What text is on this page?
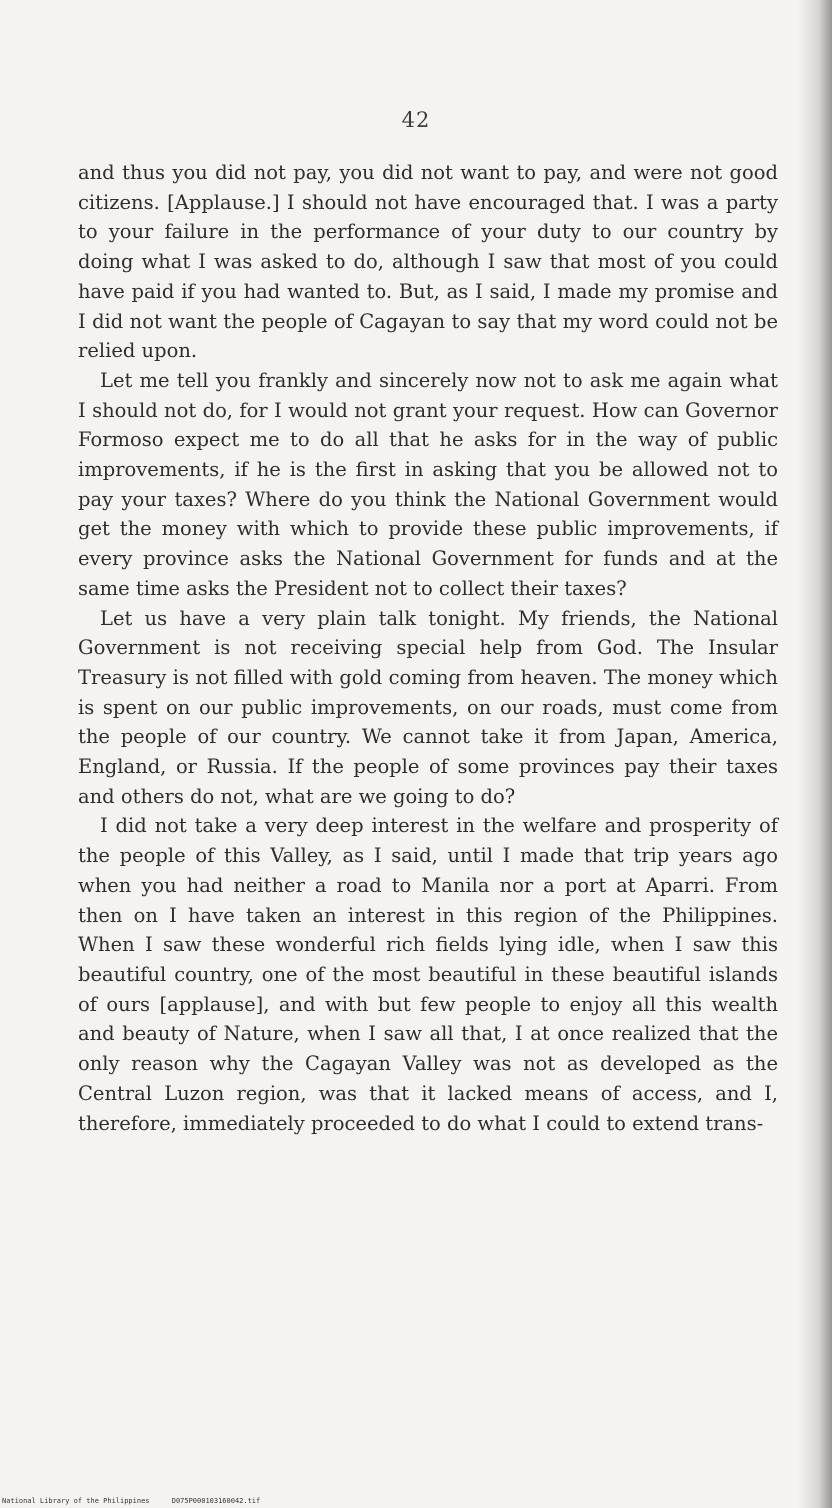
42

and thus you did not pay, you did not want to pay, and were not good citizens. [Applause.] I should not have encouraged that. I was a party to your failure in the performance of your duty to our country by doing what I was asked to do, although I saw that most of you could have paid if you had wanted to. But, as I said, I made my promise and I did not want the people of Cagayan to say that my word could not be relied upon.

Let me tell you frankly and sincerely now not to ask me again what I should not do, for I would not grant your request. How can Governor Formoso expect me to do all that he asks for in the way of public improvements, if he is the first in asking that you be allowed not to pay your taxes? Where do you think the National Government would get the money with which to provide these public improvements, if every province asks the National Government for funds and at the same time asks the President not to collect their taxes?

Let us have a very plain talk tonight. My friends, the National Government is not receiving special help from God. The Insular Treasury is not filled with gold coming from heaven. The money which is spent on our public improvements, on our roads, must come from the people of our country. We cannot take it from Japan, America, England, or Russia. If the people of some provinces pay their taxes and others do not, what are we going to do?

I did not take a very deep interest in the welfare and prosperity of the people of this Valley, as I said, until I made that trip years ago when you had neither a road to Manila nor a port at Aparri. From then on I have taken an interest in this region of the Philippines. When I saw these wonderful rich fields lying idle, when I saw this beautiful country, one of the most beautiful in these beautiful islands of ours [applause], and with but few people to enjoy all this wealth and beauty of Nature, when I saw all that, I at once realized that the only reason why the Cagayan Valley was not as developed as the Central Luzon region, was that it lacked means of access, and I, therefore, immediately proceeded to do what I could to extend trans-

National Library of the Philippines	D075P000103160042.tif
